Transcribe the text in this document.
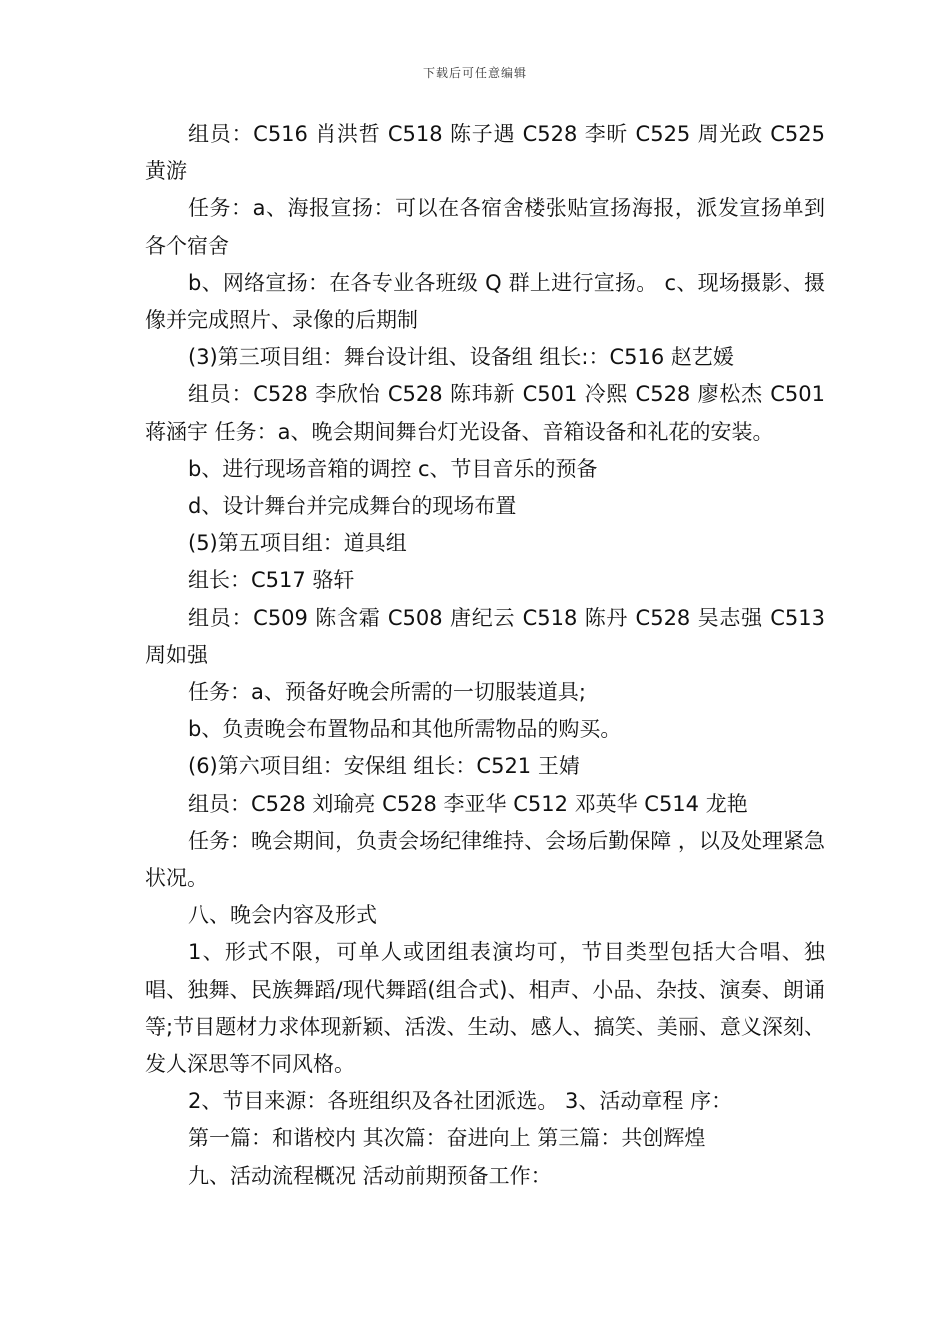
下载后可任意编辑

组员：C516 肖洪哲 C518 陈子遇 C528 李昕 C525 周光政 C525 黄游

任务：a、海报宣扬：可以在各宿舍楼张贴宣扬海报，派发宣扬单到各个宿舍

b、网络宣扬：在各专业各班级 Q 群上进行宣扬。 c、现场摄影、摄像并完成照片、录像的后期制

(3)第三项目组：舞台设计组、设备组 组长:：C516 赵艺媛

组员：C528 李欣怡 C528 陈玮新 C501 冷熙 C528 廖松杰 C501 蒋涵宇 任务：a、晚会期间舞台灯光设备、音箱设备和礼花的安装。

b、进行现场音箱的调控 c、节目音乐的预备

d、设计舞台并完成舞台的现场布置

(5)第五项目组：道具组

组长：C517 骆轩

组员：C509 陈含霜 C508 唐纪云 C518 陈丹 C528 吴志强 C513 周如强

任务：a、预备好晚会所需的一切服装道具;

b、负责晚会布置物品和其他所需物品的购买。

(6)第六项目组：安保组 组长：C521 王婧

组员：C528 刘瑜亮 C528 李亚华 C512 邓英华 C514 龙艳

任务：晚会期间，负责会场纪律维持、会场后勤保障 ，以及处理紧急状况。

八、晚会内容及形式

1、形式不限，可单人或团组表演均可，节目类型包括大合唱、独唱、独舞、民族舞蹈/现代舞蹈(组合式)、相声、小品、杂技、演奏、朗诵等;节目题材力求体现新颖、活泼、生动、感人、搞笑、美丽、意义深刻、发人深思等不同风格。

2、节目来源：各班组织及各社团派选。 3、活动章程 序：

第一篇：和谐校内 其次篇：奋进向上 第三篇：共创辉煌

九、活动流程概况 活动前期预备工作：
